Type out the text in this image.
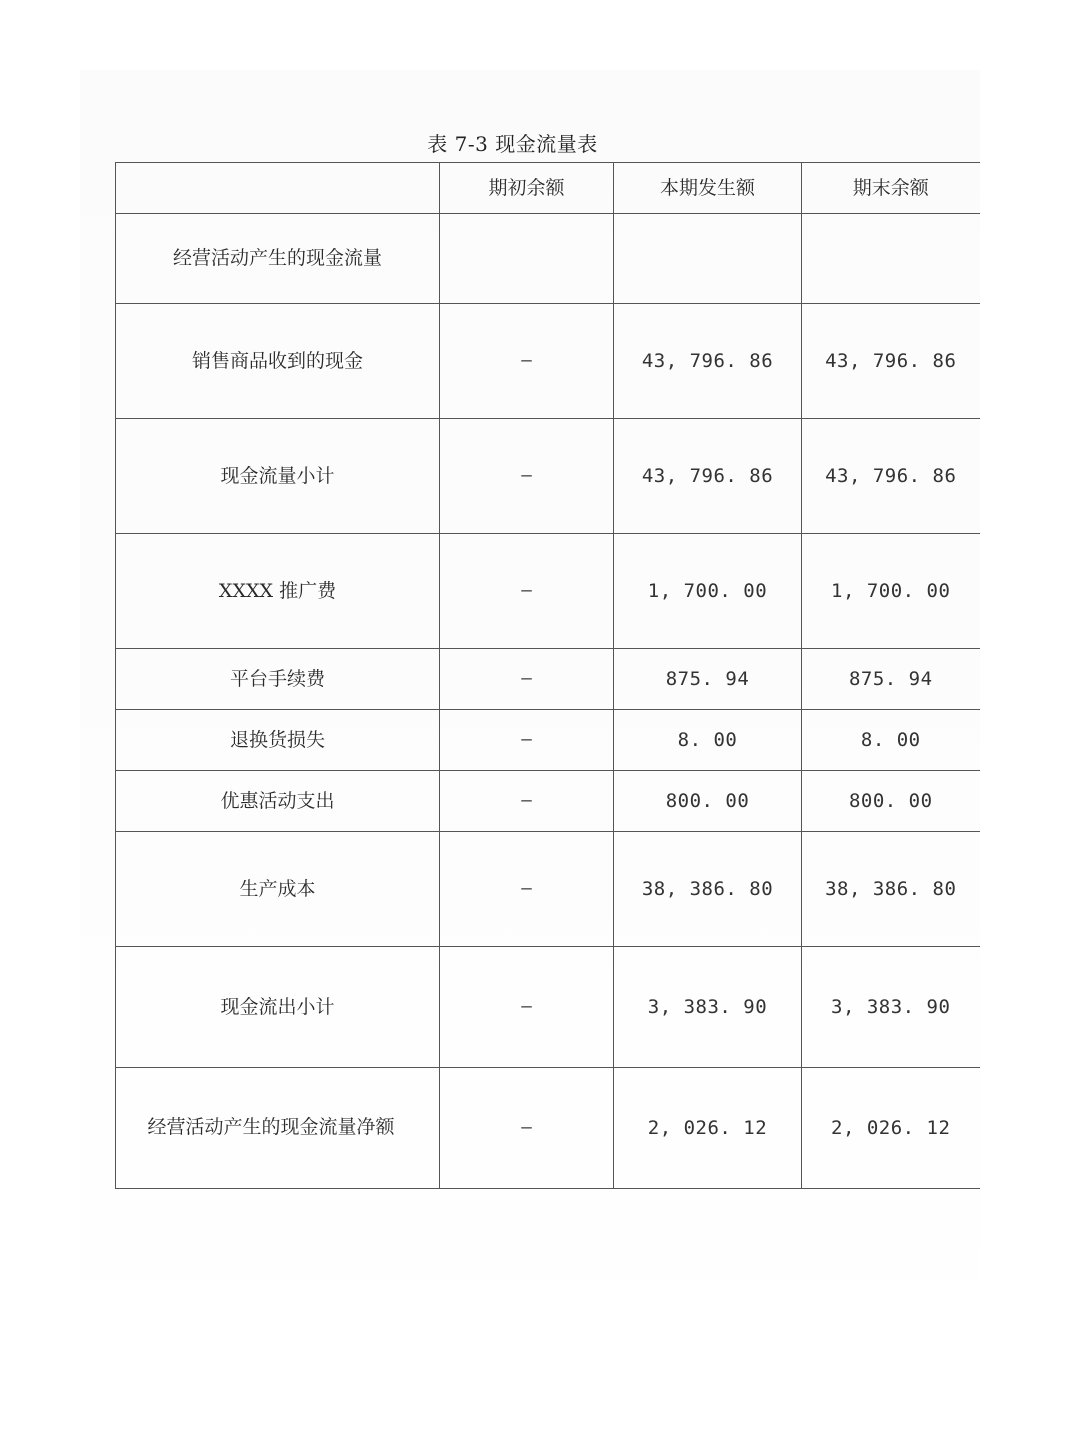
表 7-3 现金流量表
	期初余额	本期发生额	期末余额
经营活动产生的现金流量			
销售商品收到的现金	–	43, 796. 86	43, 796. 86
现金流量小计	–	43, 796. 86	43, 796. 86
XXXX 推广费	–	1, 700. 00	1, 700. 00
平台手续费	–	875. 94	875. 94
退换货损失	–	8. 00	8. 00
优惠活动支出	–	800. 00	800. 00
生产成本	–	38, 386. 80	38, 386. 80
现金流出小计	–	3, 383. 90	3, 383. 90
经营活动产生的现金流量净额	–	2, 026. 12	2, 026. 12
